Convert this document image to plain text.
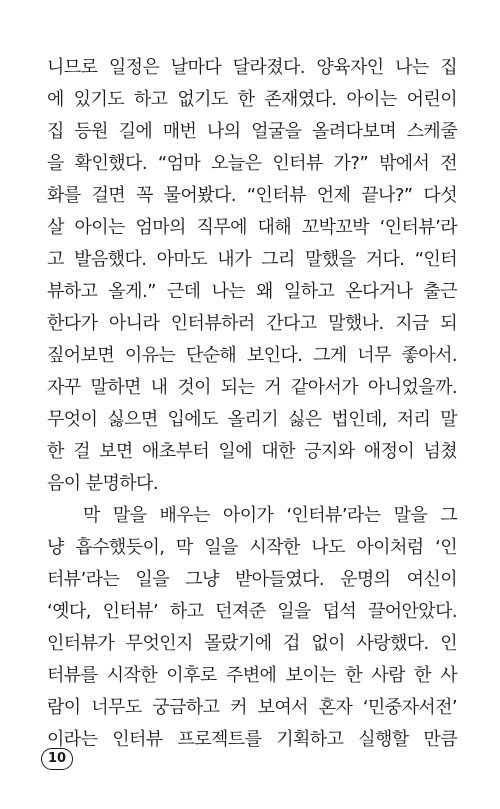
니므로 일정은 날마다 달라졌다. 양육자인 나는 집
에 있기도 하고 없기도 한 존재였다. 아이는 어린이
집 등원 길에 매번 나의 얼굴을 올려다보며 스케줄
을 확인했다. “엄마 오늘은 인터뷰 가?” 밖에서 전
화를 걸면 꼭 물어봤다. “인터뷰 언제 끝나?” 다섯
살 아이는 엄마의 직무에 대해 꼬박꼬박 ‘인터뷰’라
고 발음했다. 아마도 내가 그리 말했을 거다. “인터
뷰하고 올게.” 근데 나는 왜 일하고 온다거나 출근
한다가 아니라 인터뷰하러 간다고 말했나. 지금 되
짚어보면 이유는 단순해 보인다. 그게 너무 좋아서.
자꾸 말하면 내 것이 되는 거 같아서가 아니었을까.
무엇이 싫으면 입에도 올리기 싫은 법인데, 저리 말
한 걸 보면 애초부터 일에 대한 긍지와 애정이 넘쳤
음이 분명하다.
막 말을 배우는 아이가 ‘인터뷰’라는 말을 그
냥 흡수했듯이, 막 일을 시작한 나도 아이처럼 ‘인
터뷰’라는 일을 그냥 받아들였다. 운명의 여신이
‘옛다, 인터뷰’ 하고 던져준 일을 덥석 끌어안았다.
인터뷰가 무엇인지 몰랐기에 겁 없이 사랑했다. 인
터뷰를 시작한 이후로 주변에 보이는 한 사람 한 사
람이 너무도 궁금하고 커 보여서 혼자 ‘민중자서전’
이라는 인터뷰 프로젝트를 기획하고 실행할 만큼
10
